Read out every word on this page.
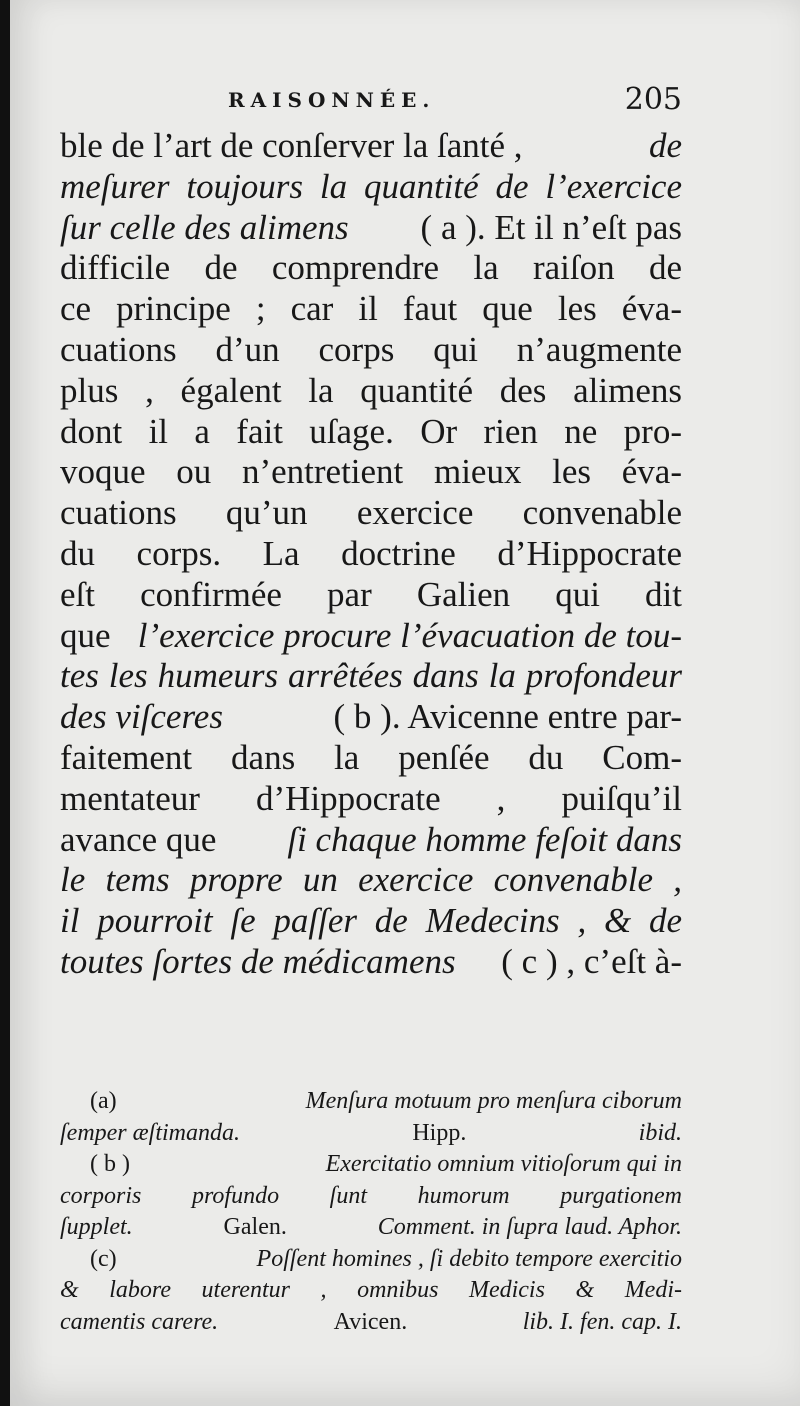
RAISONNÉE.	205
ble de l’art de conſerver la ſanté ,	de
meſurer toujours la quantité de l’exercice
ſur celle des alimens ( a ). Et il n’eſt pas
difficile de comprendre la raiſon de
ce principe ; car il faut que les éva-
cuations d’un corps qui n’augmente
plus , égalent la quantité des alimens
dont il a fait uſage. Or rien ne pro-
voque ou n’entretient mieux les éva-
cuations qu’un exercice convenable
du corps. La doctrine d’Hippocrate
eſt confirmée par Galien qui dit
que l’exercice procure l’évacuation de tou-
tes les humeurs arrêtées dans la profondeur
des viſceres	( b ). Avicenne entre par-
faitement dans la penſée du Com-
mentateur d’Hippocrate , puiſqu’il
avance que ſi chaque homme feſoit dans
le tems propre un exercice convenable ,
il pourroit ſe paſſer de Medecins , & de
toutes ſortes de médicamens ( c ) , c’eſt à-
(a)	Menſura motuum pro menſura ciborum
ſemper æſtimanda.	Hipp.	ibid.
( b )	Exercitatio omnium vitioſorum qui in
corporis profundo ſunt humorum purgationem
ſupplet.	Galen.	Comment. in ſupra laud. Aphor.
(c)	Poſſent homines , ſi debito tempore exercitio
& labore uterentur , omnibus Medicis & Medi-
camentis carere.	Avicen.	lib. I. fen. cap. I.
